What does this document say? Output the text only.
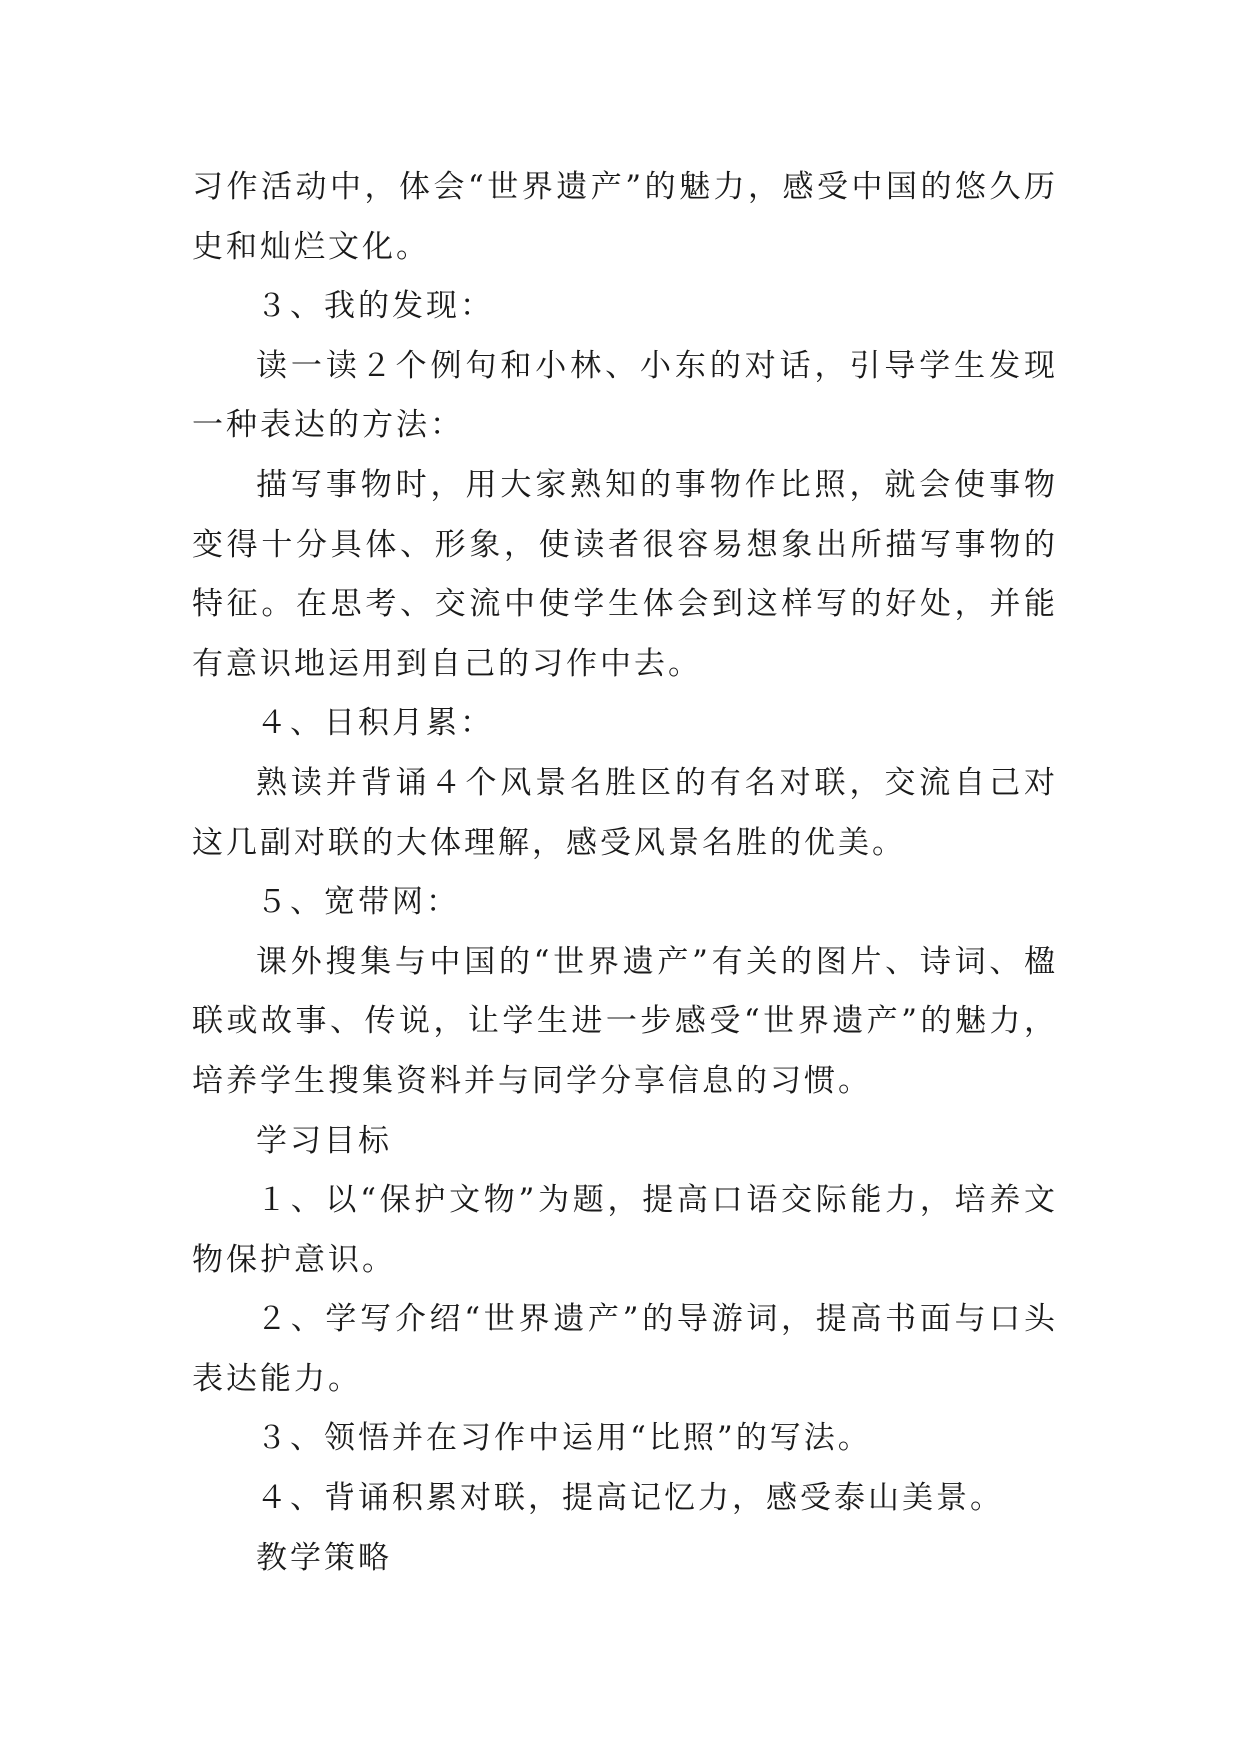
习作活动中，体会“世界遗产”的魅力，感受中国的悠久历史和灿烂文化。

３、我的发现：

读一读２个例句和小林、小东的对话，引导学生发现一种表达的方法：

描写事物时，用大家熟知的事物作比照，就会使事物变得十分具体、形象，使读者很容易想象出所描写事物的特征。在思考、交流中使学生体会到这样写的好处，并能有意识地运用到自己的习作中去。

４、日积月累：

熟读并背诵４个风景名胜区的有名对联，交流自己对这几副对联的大体理解，感受风景名胜的优美。

５、宽带网：

课外搜集与中国的“世界遗产”有关的图片、诗词、楹联或故事、传说，让学生进一步感受“世界遗产”的魅力，培养学生搜集资料并与同学分享信息的习惯。

学习目标

１、以“保护文物”为题，提高口语交际能力，培养文物保护意识。

２、学写介绍“世界遗产”的导游词，提高书面与口头表达能力。

３、领悟并在习作中运用“比照”的写法。

４、背诵积累对联，提高记忆力，感受泰山美景。

教学策略
